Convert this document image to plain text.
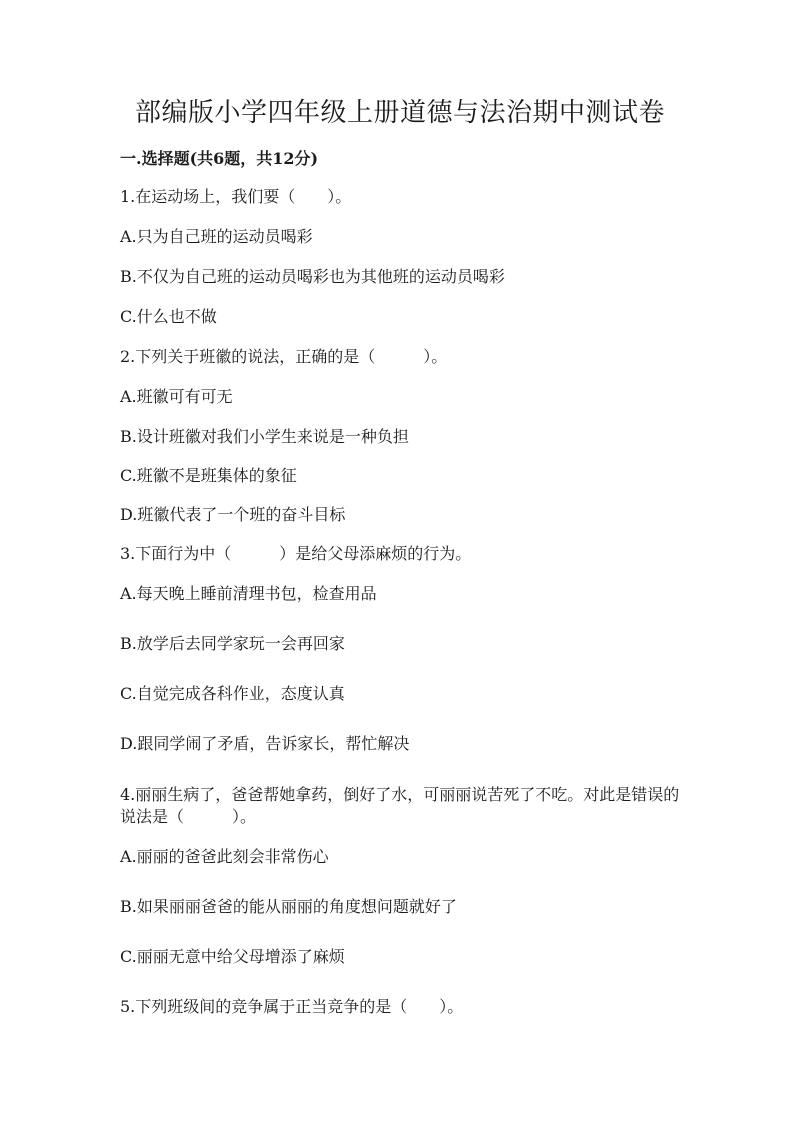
部编版小学四年级上册道德与法治期中测试卷
一.选择题(共6题，共12分)
1.在运动场上，我们要（　　）。
A.只为自己班的运动员喝彩
B.不仅为自己班的运动员喝彩也为其他班的运动员喝彩
C.什么也不做
2.下列关于班徽的说法，正确的是（　　　）。
A.班徽可有可无
B.设计班徽对我们小学生来说是一种负担
C.班徽不是班集体的象征
D.班徽代表了一个班的奋斗目标
3.下面行为中（　　　）是给父母添麻烦的行为。
A.每天晚上睡前清理书包，检查用品
B.放学后去同学家玩一会再回家
C.自觉完成各科作业，态度认真
D.跟同学闹了矛盾，告诉家长，帮忙解决
4.丽丽生病了，爸爸帮她拿药，倒好了水，可丽丽说苦死了不吃。对此是错误的说法是（　　　）。
A.丽丽的爸爸此刻会非常伤心
B.如果丽丽爸爸的能从丽丽的角度想问题就好了
C.丽丽无意中给父母增添了麻烦
5.下列班级间的竞争属于正当竞争的是（　　）。
